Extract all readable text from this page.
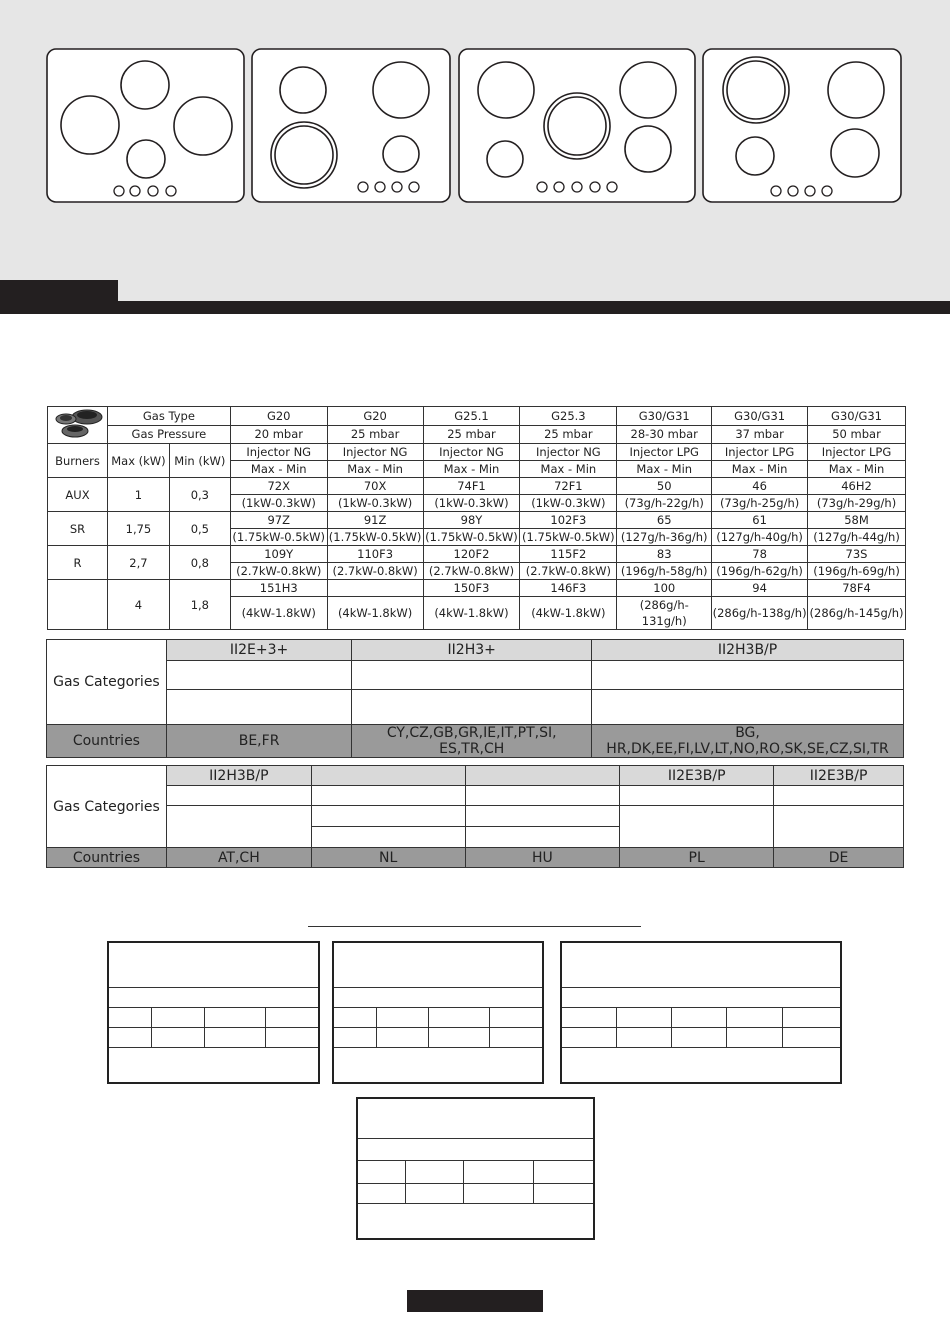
	Gas Type		G20	G20	G25.1	G25.3	G30/G31	G30/G31	G30/G31
	Gas Pressure		20 mbar	25 mbar	25 mbar	25 mbar	28-30 mbar	37 mbar	50 mbar
Burners	Max (kW)	Min (kW)	Injector NG	Injector NG	Injector NG	Injector NG	Injector LPG	Injector LPG	Injector LPG
			Max - Min	Max - Min	Max - Min	Max - Min	Max - Min	Max - Min	Max - Min
AUX	1	0,3	72X	70X	74F1	72F1	50	46	46H2
			(1kW-0.3kW)	(1kW-0.3kW)	(1kW-0.3kW)	(1kW-0.3kW)	(73g/h-22g/h)	(73g/h-25g/h)	(73g/h-29g/h)
SR	1,75	0,5	97Z	91Z	98Y	102F3	65	61	58M
			(1.75kW-0.5kW)	(1.75kW-0.5kW)	(1.75kW-0.5kW)	(1.75kW-0.5kW)	(127g/h-36g/h)	(127g/h-40g/h)	(127g/h-44g/h)
R	2,7	0,8	109Y	110F3	120F2	115F2	83	78	73S
			(2.7kW-0.8kW)	(2.7kW-0.8kW)	(2.7kW-0.8kW)	(2.7kW-0.8kW)	(196g/h-58g/h)	(196g/h-62g/h)	(196g/h-69g/h)
	4	1,8	151H3		150F3	146F3	100	94	78F4
			(4kW-1.8kW)	(4kW-1.8kW)	(4kW-1.8kW)	(4kW-1.8kW)	(286g/h-131g/h)	(286g/h-138g/h)	(286g/h-145g/h)
Gas Categories	II2E+3+	II2H3+	II2H3B/P

Countries	BE,FR	CY,CZ,GB,GR,IE,IT,PT,SI, ES,TR,CH	BG, HR,DK,EE,FI,LV,LT,NO,RO,SK,SE,CZ,SI,TR
Gas Categories	II2H3B/P			II2E3B/P	II2E3B/P

Countries	AT,CH	NL	HU	PL	DE
